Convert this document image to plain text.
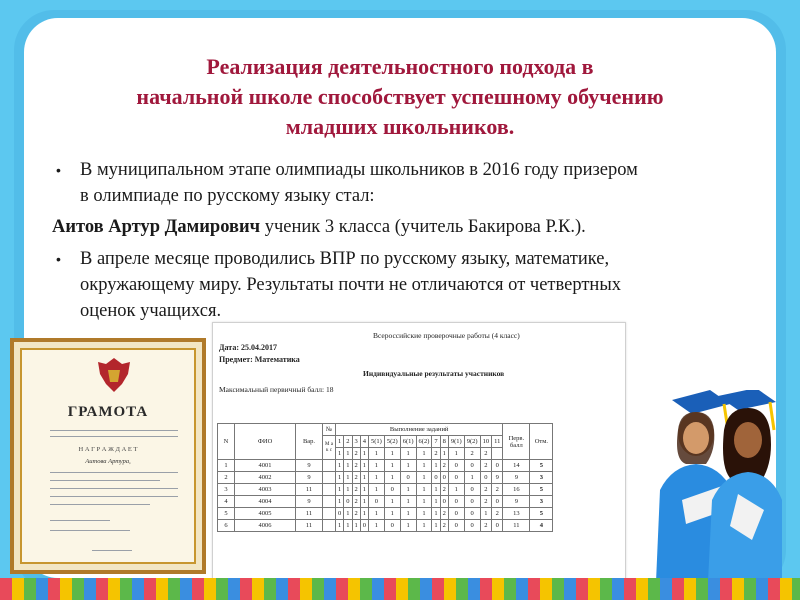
Реализация деятельностного подхода в
начальной школе способствует успешному обучению
младших школьников.
• В муниципальном этапе олимпиады школьников в 2016 году призером
в олимпиаде по русскому языку стал:
Аитов Артур Дамирович ученик 3 класса (учитель Бакирова Р.К.).
• В апреле месяце проводились ВПР по русскому языку, математике,
окружающему миру. Результаты почти не отличаются от четвертных
оценок учащихся.
ГРАМОТА
Н А Г Р А Ж Д А Е Т
Аитова Артура,
Всероссийские проверочные работы (4 класс)
Дата: 25.04.2017
Предмет: Математика
Индивидуальные результаты участников
Максимальный первичный балл: 18
N	ФИО	Вар.	№	Выполнение заданий														Перв. балл	Отм.
			М а к с	1	2	3	4	5(1)	5(2)	6(1)	6(2)	7	8	9(1)	9(2)	10	11		
				1	1	2	1	1	1	1	1	2	1	1	2	2			
1	4001	9		1	1	2	1	1	1	1	1	1	2	0	0	2	0	14	5
2	4002	9		1	1	2	1	1	1	0	1	0	0	0	1	0	9	9	3
3	4003	11		1	1	2	1	1	0	1	1	1	2	1	0	2	2	16	5
4	4004	9		1	0	2	1	0	1	1	1	1	0	0	0	2	0	9	3
5	4005	11		0	1	2	1	1	1	1	1	1	2	0	0	1	2	13	5
6	4006	11		1	1	1	0	1	0	1	1	1	2	0	0	2	0	11	4
